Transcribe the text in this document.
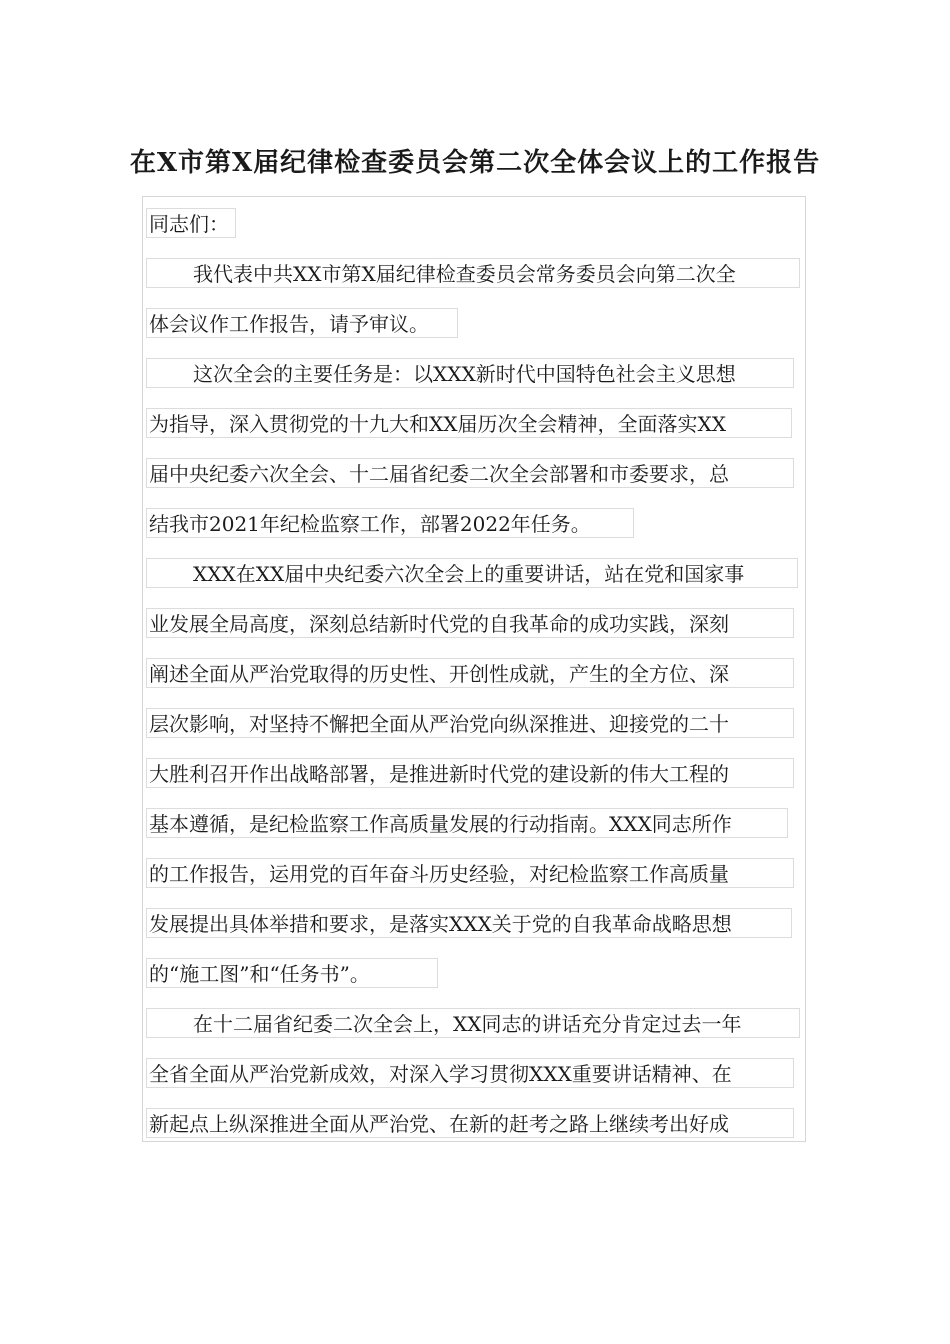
在X市第X届纪律检查委员会第二次全体会议上的工作报告
同志们：
我代表中共XX市第X届纪律检查委员会常务委员会向第二次全
体会议作工作报告，请予审议。
这次全会的主要任务是：以XXX新时代中国特色社会主义思想
为指导，深入贯彻党的十九大和XX届历次全会精神，全面落实XX
届中央纪委六次全会、十二届省纪委二次全会部署和市委要求，总
结我市2021年纪检监察工作，部署2022年任务。
XXX在XX届中央纪委六次全会上的重要讲话，站在党和国家事
业发展全局高度，深刻总结新时代党的自我革命的成功实践，深刻
阐述全面从严治党取得的历史性、开创性成就，产生的全方位、深
层次影响，对坚持不懈把全面从严治党向纵深推进、迎接党的二十
大胜利召开作出战略部署，是推进新时代党的建设新的伟大工程的
基本遵循，是纪检监察工作高质量发展的行动指南。XXX同志所作
的工作报告，运用党的百年奋斗历史经验，对纪检监察工作高质量
发展提出具体举措和要求，是落实XXX关于党的自我革命战略思想
的“施工图”和“任务书”。
在十二届省纪委二次全会上，XX同志的讲话充分肯定过去一年
全省全面从严治党新成效，对深入学习贯彻XXX重要讲话精神、在
新起点上纵深推进全面从严治党、在新的赶考之路上继续考出好成
